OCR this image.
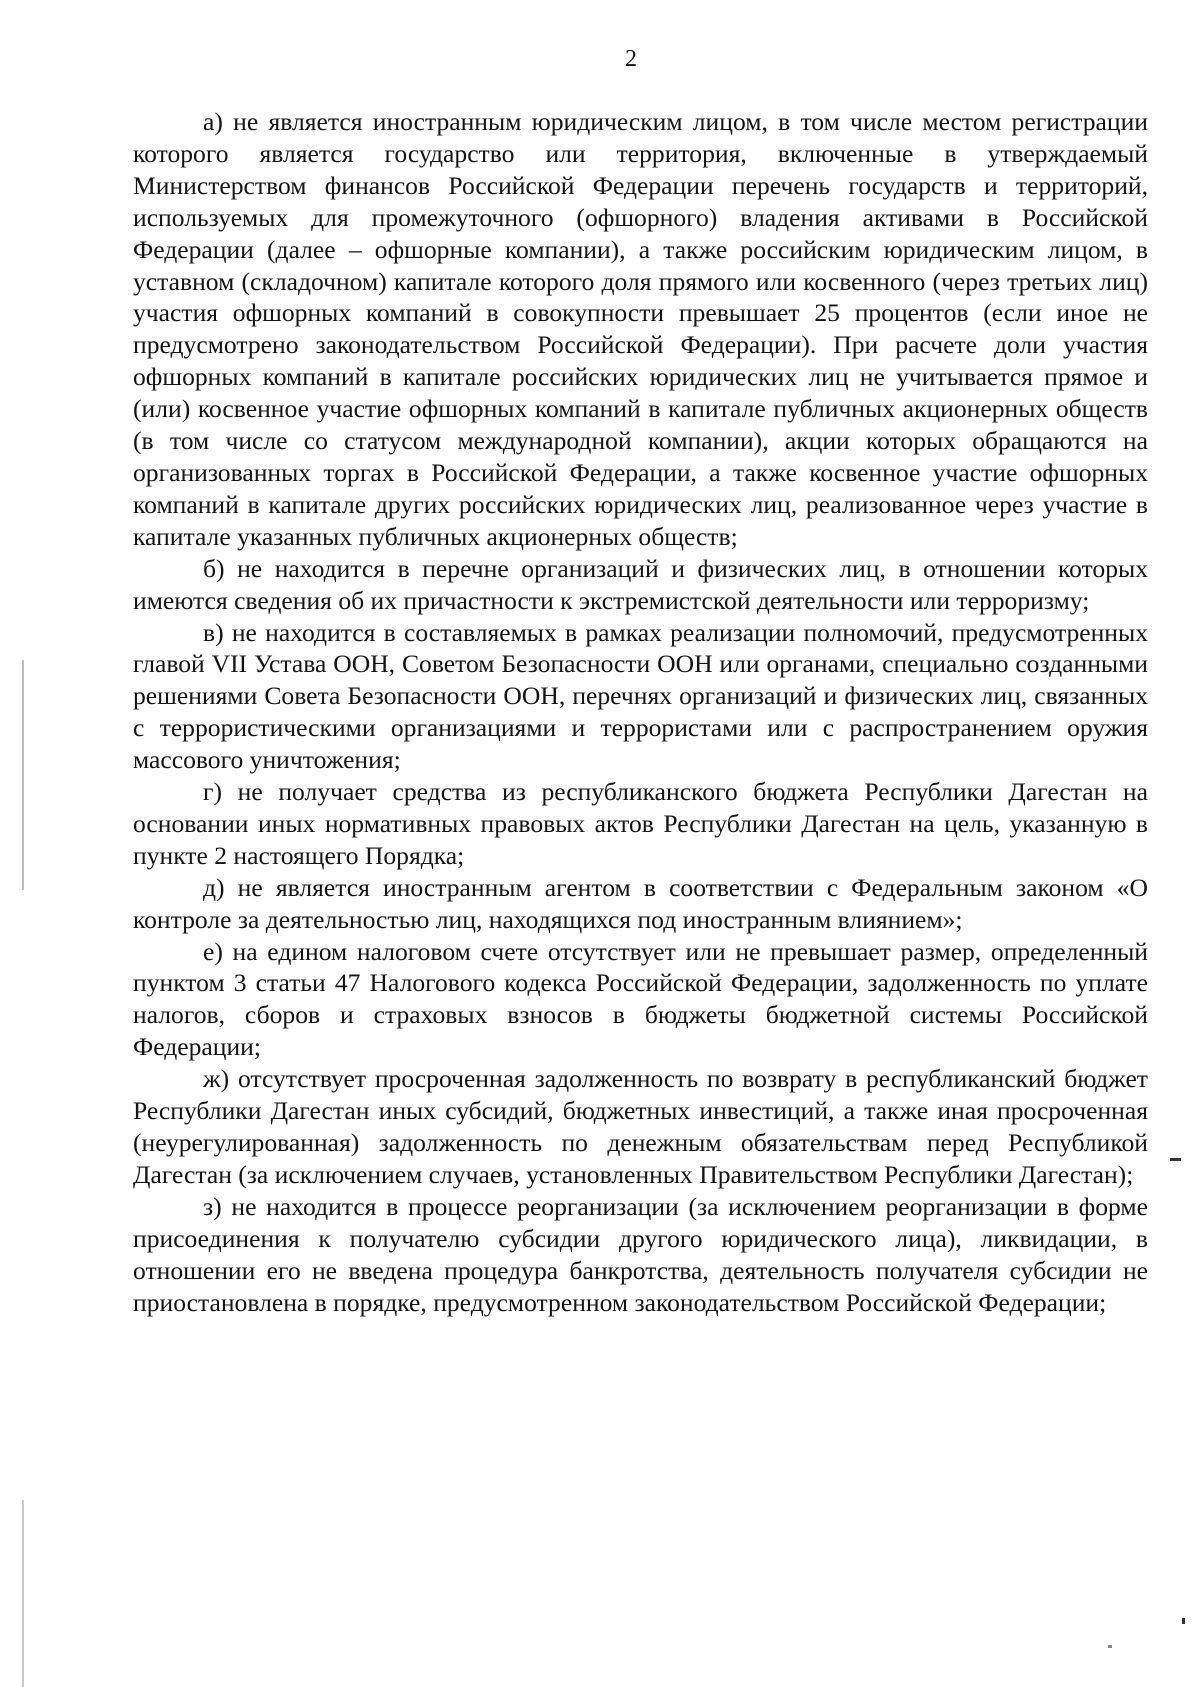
2

а) не является иностранным юридическим лицом, в том числе местом регистрации которого является государство или территория, включенные в утверждаемый Министерством финансов Российской Федерации перечень государств и территорий, используемых для промежуточного (офшорного) владения активами в Российской Федерации (далее – офшорные компании), а также российским юридическим лицом, в уставном (складочном) капитале которого доля прямого или косвенного (через третьих лиц) участия офшорных компаний в совокупности превышает 25 процентов (если иное не предусмотрено законодательством Российской Федерации). При расчете доли участия офшорных компаний в капитале российских юридических лиц не учитывается прямое и (или) косвенное участие офшорных компаний в капитале публичных акционерных обществ (в том числе со статусом международной компании), акции которых обращаются на организованных торгах в Российской Федерации, а также косвенное участие офшорных компаний в капитале других российских юридических лиц, реализованное через участие в капитале указанных публичных акционерных обществ;

б) не находится в перечне организаций и физических лиц, в отношении которых имеются сведения об их причастности к экстремистской деятельности или терроризму;

в) не находится в составляемых в рамках реализации полномочий, предусмотренных главой VII Устава ООН, Советом Безопасности ООН или органами, специально созданными решениями Совета Безопасности ООН, перечнях организаций и физических лиц, связанных с террористическими организациями и террористами или с распространением оружия массового уничтожения;

г) не получает средства из республиканского бюджета Республики Дагестан на основании иных нормативных правовых актов Республики Дагестан на цель, указанную в пункте 2 настоящего Порядка;

д) не является иностранным агентом в соответствии с Федеральным законом «О контроле за деятельностью лиц, находящихся под иностранным влиянием»;

е) на едином налоговом счете отсутствует или не превышает размер, определенный пунктом 3 статьи 47 Налогового кодекса Российской Федерации, задолженность по уплате налогов, сборов и страховых взносов в бюджеты бюджетной системы Российской Федерации;

ж) отсутствует просроченная задолженность по возврату в республиканский бюджет Республики Дагестан иных субсидий, бюджетных инвестиций, а также иная просроченная (неурегулированная) задолженность по денежным обязательствам перед Республикой Дагестан (за исключением случаев, установленных Правительством Республики Дагестан);

з) не находится в процессе реорганизации (за исключением реорганизации в форме присоединения к получателю субсидии другого юридического лица), ликвидации, в отношении его не введена процедура банкротства, деятельность получателя субсидии не приостановлена в порядке, предусмотренном законодательством Российской Федерации;
